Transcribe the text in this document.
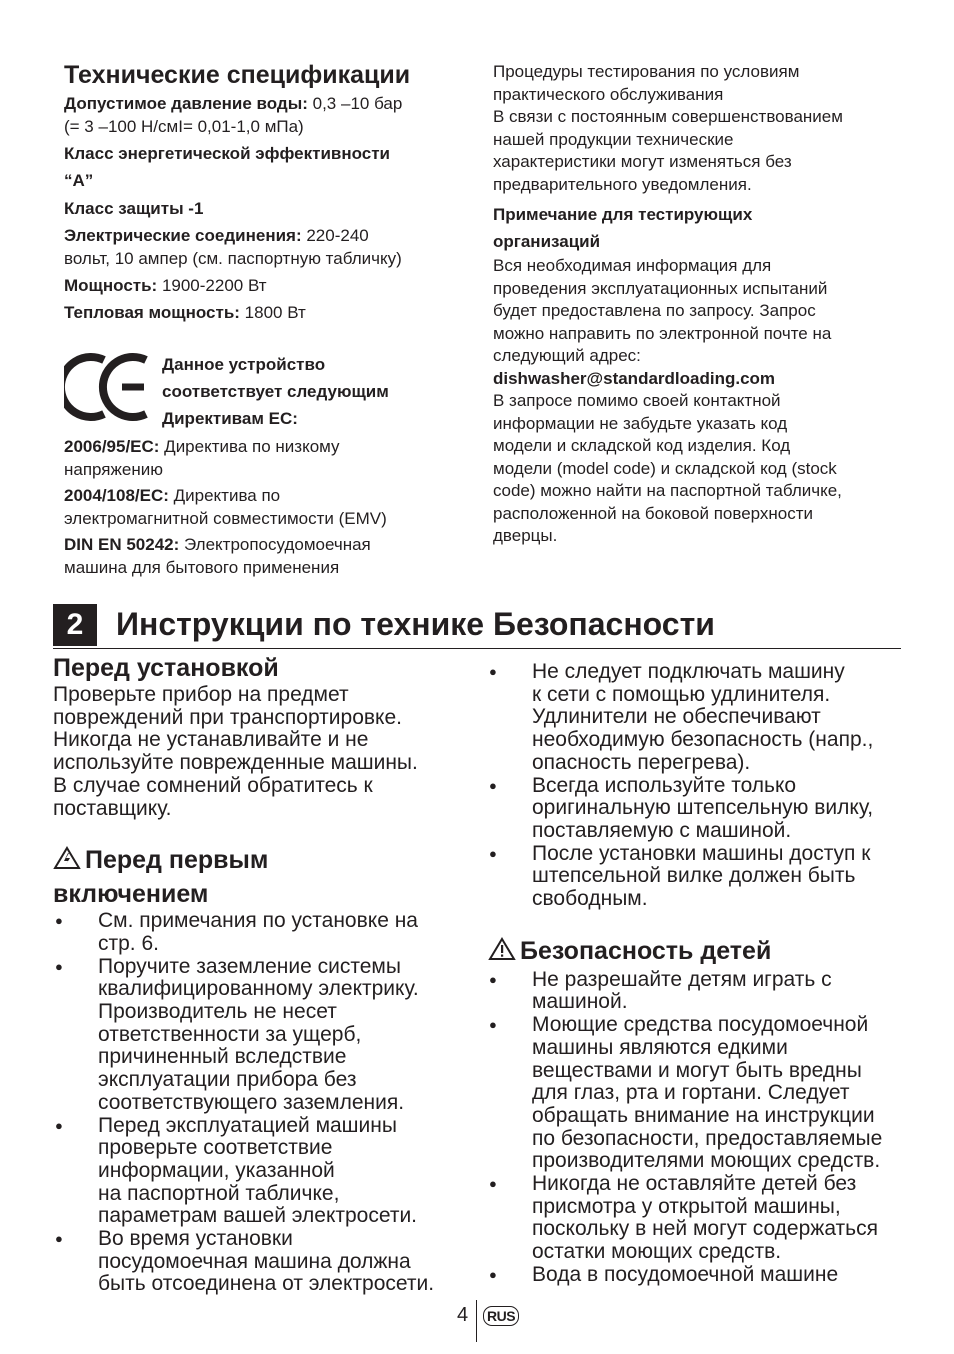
Технические спецификации
Допустимое давление воды: 0,3 –10 бар
(= 3 –100 Н/смІ= 0,01-1,0 мПа)
Класс энергетической эффективности
“A”
Класс защиты -1
Электрические соединения: 220-240
вольт, 10 ампер (см. паспортную табличку)
Мощность: 1900-2200 Вт
Тепловая мощность: 1800 Вт
Данное устройство
соответствует следующим
Директивам ЕС:
2006/95/EC: Директива по низкому
напряжению
2004/108/EC: Директива по
электромагнитной совместимости (EMV)
DIN EN 50242: Электропосудомоечная
машина для бытового применения
Процедуры тестирования по условиям
практического обслуживания
В связи с постоянным совершенствованием
нашей продукции технические
характеристики могут изменяться без
предварительного уведомления.
Примечание для тестирующих
организаций
Вся необходимая информация для
проведения эксплуатационных испытаний
будет предоставлена по запросу. Запрос
можно направить по электронной почте на
следующий адрес:
dishwasher@standardloading.com
В запросе помимо своей контактной
информации не забудьте указать код
модели и складской код изделия. Код
модели (model code) и складской код (stock
code) можно найти на паспортной табличке,
расположенной на боковой поверхности
дверцы.
2	Инструкции по технике Безопасности
Перед установкой
Проверьте прибор на предмет
повреждений при транспортировке.
Никогда не устанавливайте и не
используйте поврежденные машины.
В случае сомнений обратитесь к
поставщику.
Перед первым
включением
● См. примечания по установке на
стр. 6.
● Поручите заземление системы
квалифицированному электрику.
Производитель не несет
ответственности за ущерб,
причиненный вследствие
эксплуатации прибора без
соответствующего заземления.
● Перед эксплуатацией машины
проверьте соответствие
информации, указанной
на паспортной табличке,
параметрам вашей электросети.
● Во время установки
посудомоечная машина должна
быть отсоединена от электросети.
● Не следует подключать машину
к сети с помощью удлинителя.
Удлинители не обеспечивают
необходимую безопасность (напр.,
опасность перегрева).
● Всегда используйте только
оригинальную штепсельную вилку,
поставляемую с машиной.
● После установки машины доступ к
штепсельной вилке должен быть
свободным.
Безопасность детей
● Не разрешайте детям играть с
машиной.
● Моющие средства посудомоечной
машины являются едкими
веществами и могут быть вредны
для глаз, рта и гортани. Следует
обращать внимание на инструкции
по безопасности, предоставляемые
производителями моющих средств.
● Никогда не оставляйте детей без
присмотра у открытой машины,
поскольку в ней могут содержаться
остатки моющих средств.
● Вода в посудомоечной машине
4 RUS
